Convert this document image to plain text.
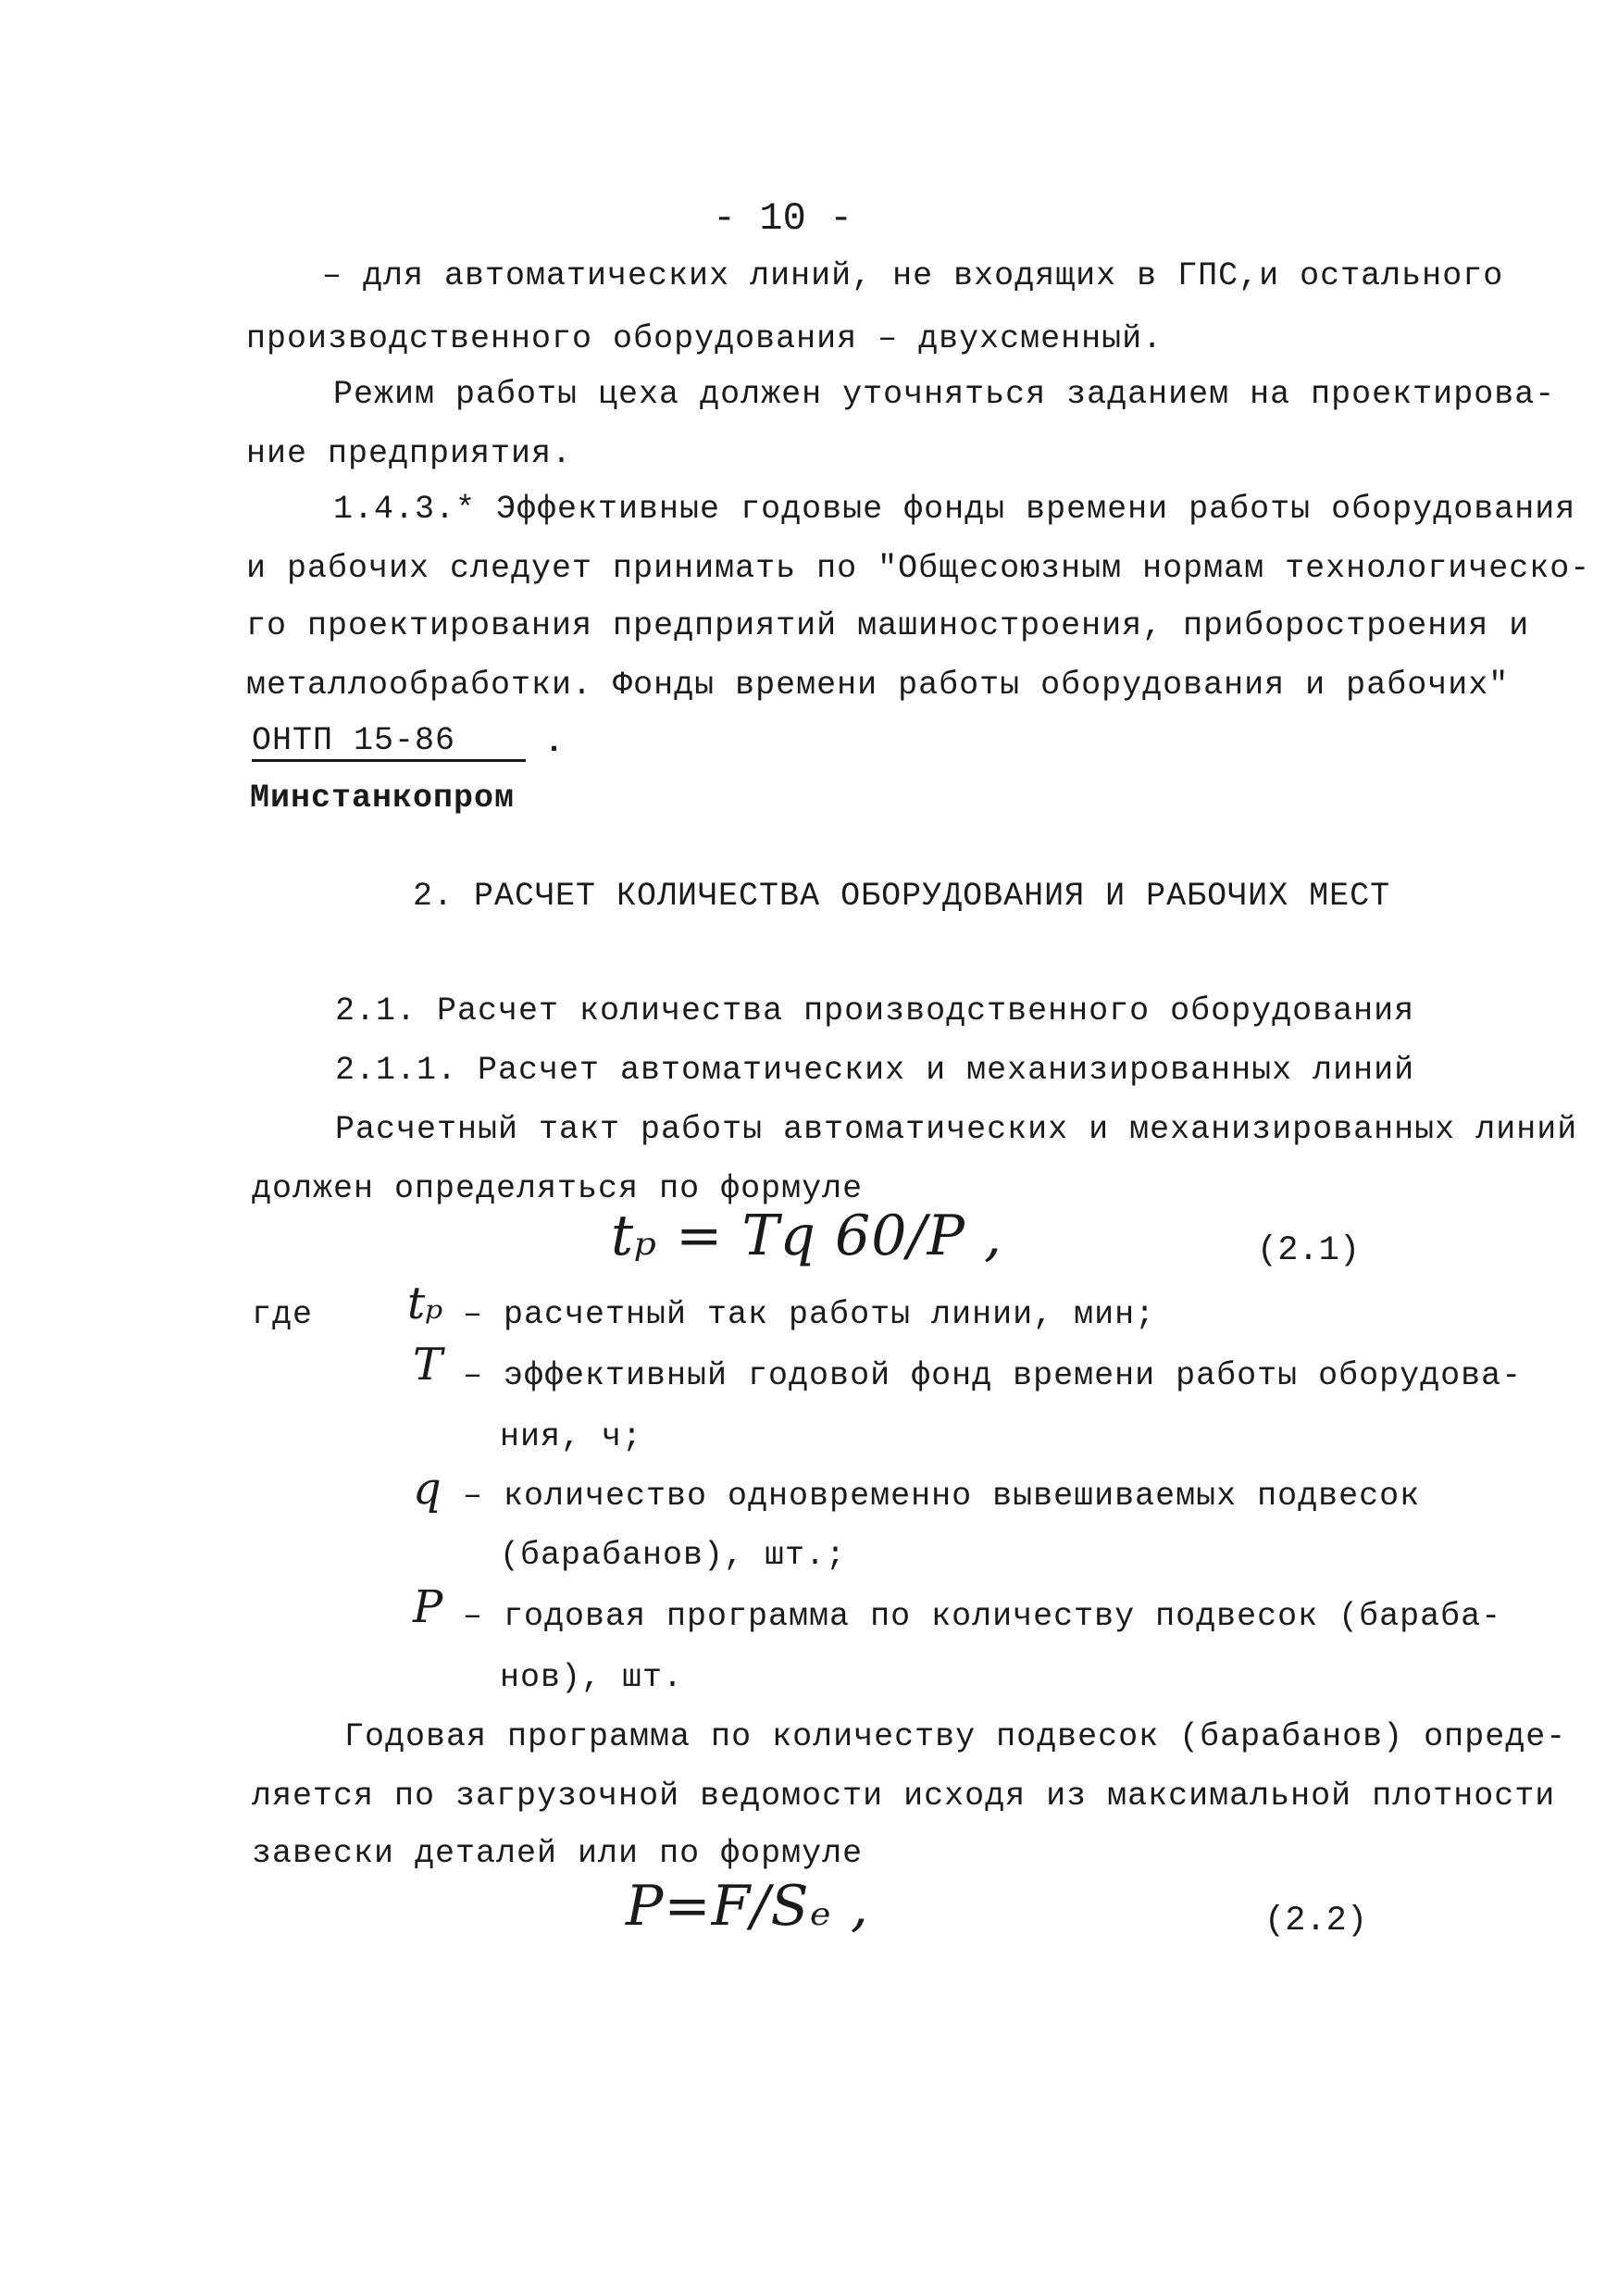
- 10 -
– для автоматических линий, не входящих в ГПС,и остального
производственного оборудования – двухсменный.
Режим работы цеха должен уточняться заданием на проектирова-
ние предприятия.
1.4.3.* Эффективные годовые фонды времени работы оборудования
и рабочих следует принимать по "Общесоюзным нормам технологическо-
го проектирования предприятий машиностроения, приборостроения и
металлообработки. Фонды времени работы оборудования и рабочих"
ОНТП 15-86	.
Минстанкопром
2. РАСЧЕТ КОЛИЧЕСТВА ОБОРУДОВАНИЯ И РАБОЧИХ МЕСТ
2.1. Расчет количества производственного оборудования
2.1.1. Расчет автоматических и механизированных линий
Расчетный такт работы автоматических и механизированных линий
должен определяться по формуле
tₚ = Tq 60/P ,	(2.1)
где tₚ – расчетный так работы линии, мин;
T – эффективный годовой фонд времени работы оборудова-
ния, ч;
q – количество одновременно вывешиваемых подвесок
(барабанов), шт.;
P – годовая программа по количеству подвесок (бараба-
нов), шт.
Годовая программа по количеству подвесок (барабанов) опреде-
ляется по загрузочной ведомости исходя из максимальной плотности
завески деталей или по формуле
P=F/Sₑ ,	(2.2)
